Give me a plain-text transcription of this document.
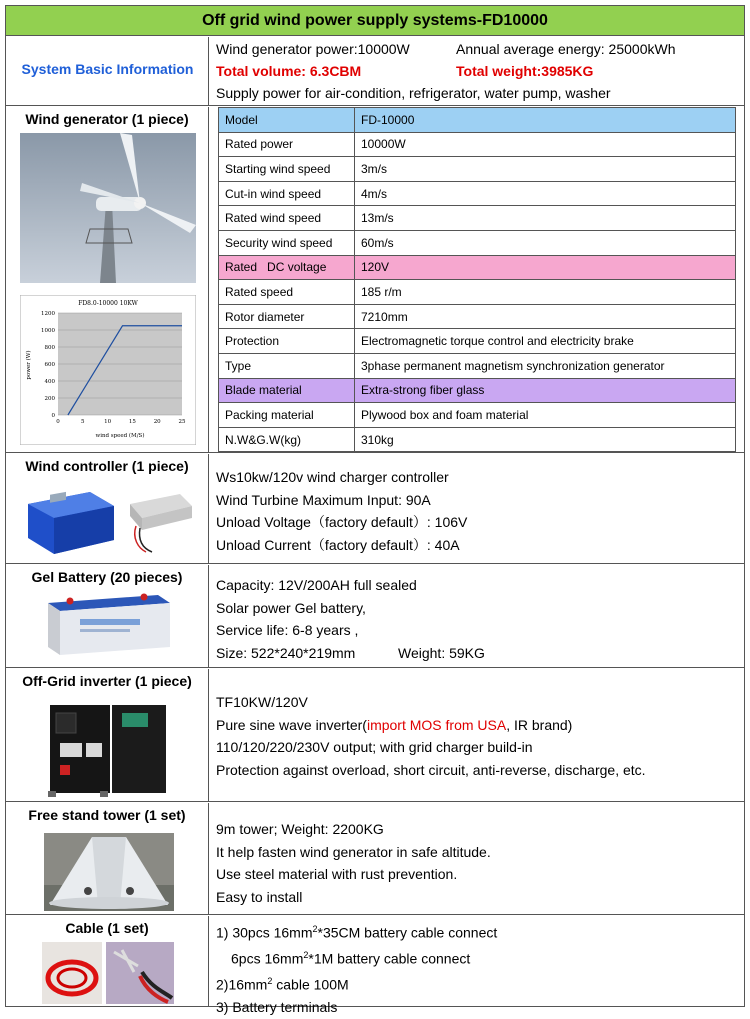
Off grid wind power supply systems-FD10000
System Basic Information
Wind generator power:10000W	Annual average energy: 25000kWh
Total volume: 6.3CBM	Total weight:3985KG
Supply power for air-condition, refrigerator, water pump, washer
Wind generator (1 piece)
FD8.0-10000 10KW
0
200
400
600
800
1000
1200
0	5	10	15	20	25
wind speed (M/S)
power (W)
Model	FD-10000
Rated power	10000W
Starting wind speed	3m/s
Cut-in wind speed	4m/s
Rated wind speed	13m/s
Security wind speed	60m/s
Rated   DC voltage	120V
Rated speed	185 r/m
Rotor diameter	7210mm
Protection	Electromagnetic torque control and electricity brake
Type	3phase permanent magnetism synchronization generator
Blade material	Extra-strong fiber glass
Packing material	Plywood box and foam material
N.W&G.W(kg)	310kg
Wind controller (1 piece)
Ws10kw/120v wind charger controller
Wind Turbine Maximum Input: 90A
Unload Voltage（factory default）: 106V
Unload Current（factory default）: 40A
Gel Battery (20 pieces)	Capacity: 12V/200AH full sealed
Solar power Gel battery,
Service life: 6-8 years ,
Size: 522*240*219mm	Weight: 59KG
Off-Grid inverter (1 piece)
TF10KW/120V
Pure sine wave inverter(import MOS from USA, IR brand)
110/120/220/230V output; with grid charger build-in
Protection against overload, short circuit, anti-reverse, discharge, etc.
Free stand tower (1 set)
9m tower; Weight: 2200KG
It help fasten wind generator in safe altitude.
Use steel material with rust prevention.
Easy to install
Cable (1 set)	1) 30pcs $16mm^2*35CM$ battery cable connect
6pcs $16mm^2*1M$ battery cable connect
$2)16mm^2$ cable 100M
3) Battery terminals
